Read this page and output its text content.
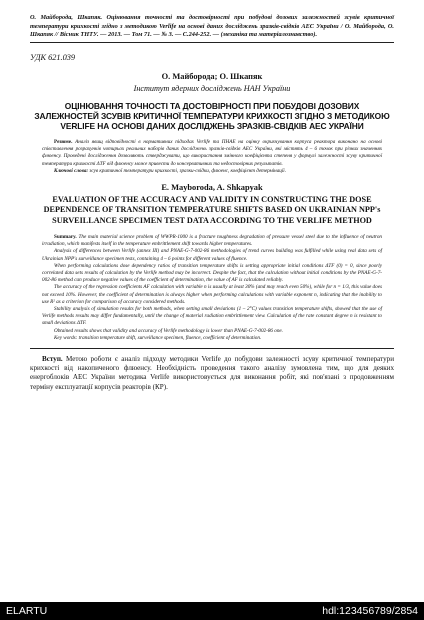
О. Майборода, Шкапяк. Оцінювання точності та достовірності при побудові дозових залежностей зсувів критичної температури крихкості згідно з методикою Verlife на основі даних досліджень зразків-свідків АЕС України / О. Майборода, О. Шкапяк // Вісник ТНТУ. — 2013. — Том 71. — № 3. — С.244-252. — (механіка та матеріалознавство).
УДК 621.039
О. Майборода; О. Шкапяк
Інститут ядерних досліджень НАН України
ОЦІНЮВАННЯ ТОЧНОСТІ ТА ДОСТОВІРНОСТІ ПРИ ПОБУДОВІ ДОЗОВИХ ЗАЛЕЖНОСТЕЙ ЗСУВІВ КРИТИЧНОЇ ТЕМПЕРАТУРИ КРИХКОСТІ ЗГІДНО З МЕТОДИКОЮ VERLIFE НА ОСНОВІ ДАНИХ ДОСЛІДЖЕНЬ ЗРАЗКІВ-СВІДКІВ АЕС УКРАЇНИ

Резюме. Аналіз явищ відповідності в нормативних підходах Verlife та ПНАЕ на оцінку окрихчування корпуса реактора виконано на основі співставлення розрахунків чотирьох реальних наборів даних досліджень зразків-свідків АЕС України, які містять 4 – 6 точок при різних значеннях флюенсу. Проведені дослідження дозволяють стверджувати, що використання змінного коефіцієнта степеня у формулі залежності зсуву критичної температури крихкості ΔTF від флюенсу може привести до консервативних та недостовірних результатів.

Ключові слова: зсув критичної температури крихкості, зразки-свідки, флюенс, коефіцієнт детермінації.
E. Mayboroda, A. Shkapyak
EVALUATION OF THE ACCURACY AND VALIDITY IN CONSTRUCTING THE DOSE DEPENDENCE OF TRANSITION TEMPERATURE SHIFTS BASED ON UKRAINIAN NPP's SURVEILLANCE SPECIMEN TEST DATA ACCORDING TO THE VERLIFE METHOD

Summary. The main material science problem of WWPR-1000 is a fracture toughness degradation of pressure vessel steel due to the influence of neutron irradiation, which manifests itself in the temperature embrittlement shift towards higher temperatures.

Analysis of differences between Verlife (annex III) and PNAE-G-7-002-86 methodologies of trend curves building was fulfilled while using real data sets of Ukrainian NPP's surveillance specimen tests, containing 4 – 6 points for different values of fluence.

When performing calculations dose dependency ratios of transition temperature shifts is setting appropriate initial conditions ΔTF (0) = 0, since poorly correlated data sets results of calculation by the Verlife method may be incorrect. Despite the fact, that the calculation without initial conditions by the PNAE-G-7-002-86 method can produce negative values of the coefficient of determination, the value of AF is calculated reliably.

The accuracy of the regression coefficients AF calculation with variable n is usually at least 30% (and may reach even 50%), while for n = 1/3, this value does not exceed 10%. However, the coefficient of determination is always higher when performing calculations with variable exponent n, indicating that the inability to use R² as a criterion for comparison of accuracy considered methods.

Stability analysis of simulation results for both methods, when setting small deviations (1 – 2°C) values transition temperature shifts, showed that the use of Verlife methods results may differ fundamentally, until the change of material radiation embrittlement view. Calculation of the rate constant degree n is resistant to small deviations ΔTF.

Obtained results shows that validity and accuracy of Verlife methodology is lower than PNAE-G-7-002-86 one.

Key words: transition temperature shift, surveillance specimen, fluence, coefficient of determination.
Вступ. Метою роботи є аналіз підходу методики Verlife до побудови залежності зсуву критичної температури крихкості від накопиченого флюенсу. Необхідність проведення такого аналізу зумовлена тим, що для деяких енергоблоків АЕС України методика Verlife використовується для виконання робіт, які пов'язані з продовженням терміну експлуатації корпусів реакторів (КР).
ELARTU	hdl:123456789/2854
